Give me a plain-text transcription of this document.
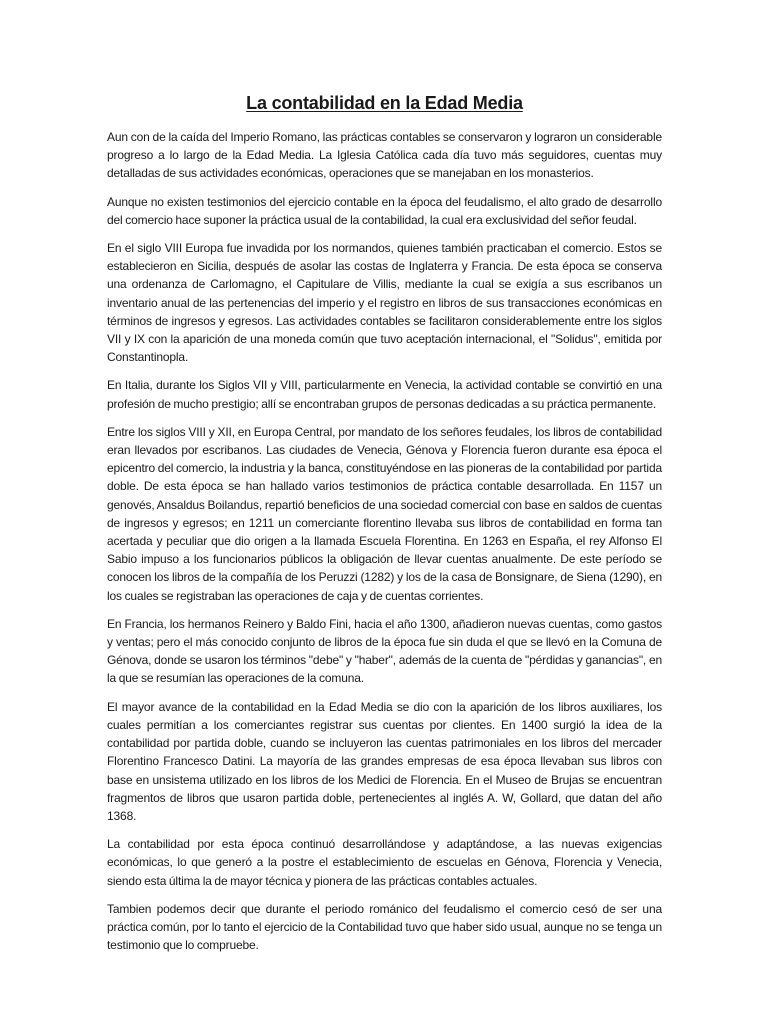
La contabilidad en la Edad Media

Aun con de la caída del Imperio Romano, las prácticas contables se conservaron y lograron un considerable progreso a lo largo de la Edad Media. La Iglesia Católica cada día tuvo más seguidores, cuentas muy detalladas de sus actividades económicas, operaciones que se manejaban en los monasterios.

Aunque no existen testimonios del ejercicio contable en la época del feudalismo, el alto grado de desarrollo del comercio hace suponer la práctica usual de la contabilidad, la cual era exclusividad del señor feudal.

En el siglo VIII Europa fue invadida por los normandos, quienes también practicaban el comercio. Estos se establecieron en Sicilia, después de asolar las costas de Inglaterra y Francia. De esta época se conserva una ordenanza de Carlomagno, el Capitulare de Villis, mediante la cual se exigía a sus escribanos un inventario anual de las pertenencias del imperio y el registro en libros de sus transacciones económicas en términos de ingresos y egresos. Las actividades contables se facilitaron considerablemente entre los siglos VII y IX con la aparición de una moneda común que tuvo aceptación internacional, el "Solidus", emitida por Constantinopla.

En Italia, durante los Siglos VII y VIII, particularmente en Venecia, la actividad contable se convirtió en una profesión de mucho prestigio; allí se encontraban grupos de personas dedicadas a su práctica permanente.

Entre los siglos VIII y XII, en Europa Central, por mandato de los señores feudales, los libros de contabilidad eran llevados por escribanos. Las ciudades de Venecia, Génova y Florencia fueron durante esa época el epicentro del comercio, la industria y la banca, constituyéndose en las pioneras de la contabilidad por partida doble. De esta época se han hallado varios testimonios de práctica contable desarrollada. En 1157 un genovés, Ansaldus Boilandus, repartió beneficios de una sociedad comercial con base en saldos de cuentas de ingresos y egresos; en 1211 un comerciante florentino llevaba sus libros de contabilidad en forma tan acertada y peculiar que dio origen a la llamada Escuela Florentina. En 1263 en España, el rey Alfonso El Sabio impuso a los funcionarios públicos la obligación de llevar cuentas anualmente. De este período se conocen los libros de la compañía de los Peruzzi (1282) y los de la casa de Bonsignare, de Siena (1290), en los cuales se registraban las operaciones de caja y de cuentas corrientes.

En Francia, los hermanos Reinero y Baldo Fini, hacia el año 1300, añadieron nuevas cuentas, como gastos y ventas; pero el más conocido conjunto de libros de la época fue sin duda el que se llevó en la Comuna de Génova, donde se usaron los términos "debe" y "haber", además de la cuenta de "pérdidas y ganancias", en la que se resumían las operaciones de la comuna.

El mayor avance de la contabilidad en la Edad Media se dio con la aparición de los libros auxiliares, los cuales permitían a los comerciantes registrar sus cuentas por clientes. En 1400 surgió la idea de la contabilidad por partida doble, cuando se incluyeron las cuentas patrimoniales en los libros del mercader Florentino Francesco Datini. La mayoría de las grandes empresas de esa época llevaban sus libros con base en unsistema utilizado en los libros de los Medici de Florencia. En el Museo de Brujas se encuentran fragmentos de libros que usaron partida doble, pertenecientes al inglés A. W, Gollard, que datan del año 1368.

La contabilidad por esta época continuó desarrollándose y adaptándose, a las nuevas exigencias económicas, lo que generó a la postre el establecimiento de escuelas en Génova, Florencia y Venecia, siendo esta última la de mayor técnica y pionera de las prácticas contables actuales.

Tambien podemos decir que durante el periodo románico del feudalismo el comercio cesó de ser una práctica común, por lo tanto el ejercicio de la Contabilidad tuvo que haber sido usual, aunque no se tenga un testimonio que lo compruebe.
